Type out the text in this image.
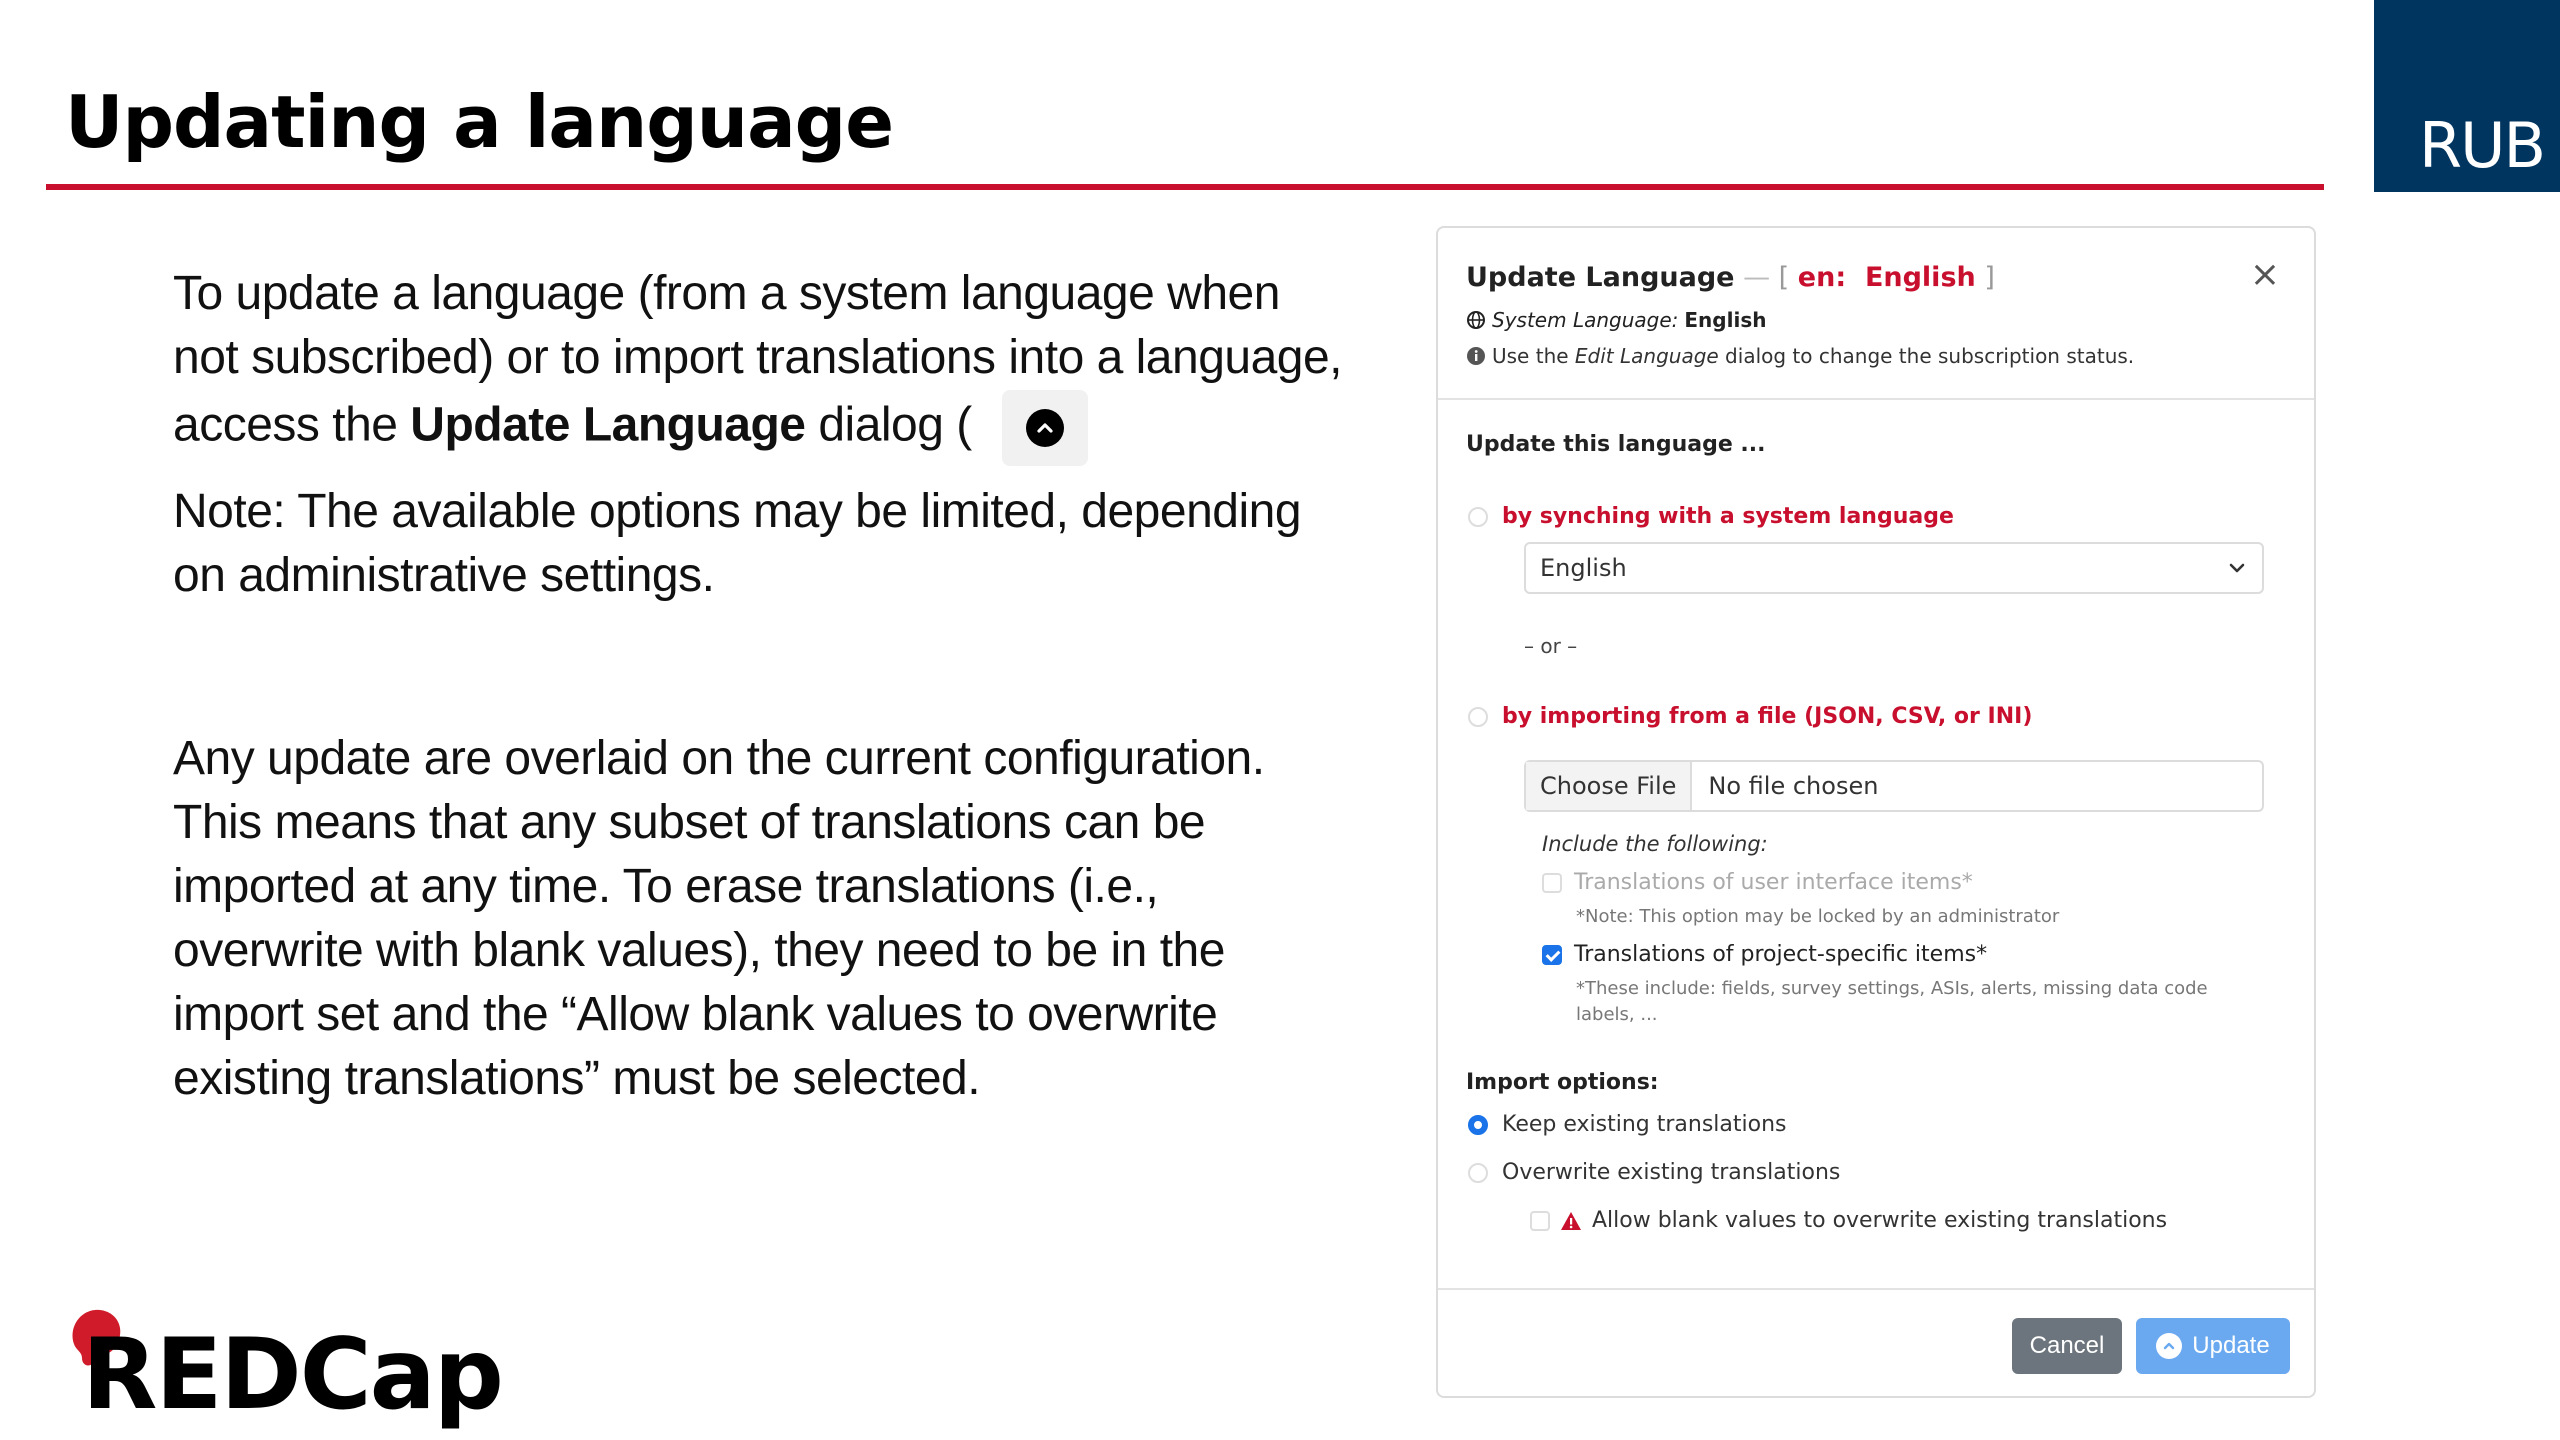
Updating a language	RUB
To update a language (from a system language when not subscribed) or to import translations into a language, access the Update Language dialog (
Note: The available options may be limited, depending on administrative settings.
Any update are overlaid on the current configuration. This means that any subset of translations can be imported at any time. To erase translations (i.e., overwrite with blank values), they need to be in the import set and the “Allow blank values to overwrite existing translations” must be selected.
REDCap
Update Language — [ en: English ]	×
System Language: English
Use the Edit Language dialog to change the subscription status.
Update this language ...
by synching with a system language
English
– or –
by importing from a file (JSON, CSV, or INI)
Choose File	No file chosen
Include the following:
Translations of user interface items*
*Note: This option may be locked by an administrator
Translations of project-specific items*
*These include: fields, survey settings, ASIs, alerts, missing data code labels, ...
Import options:
Keep existing translations
Overwrite existing translations
Allow blank values to overwrite existing translations
Cancel	Update
